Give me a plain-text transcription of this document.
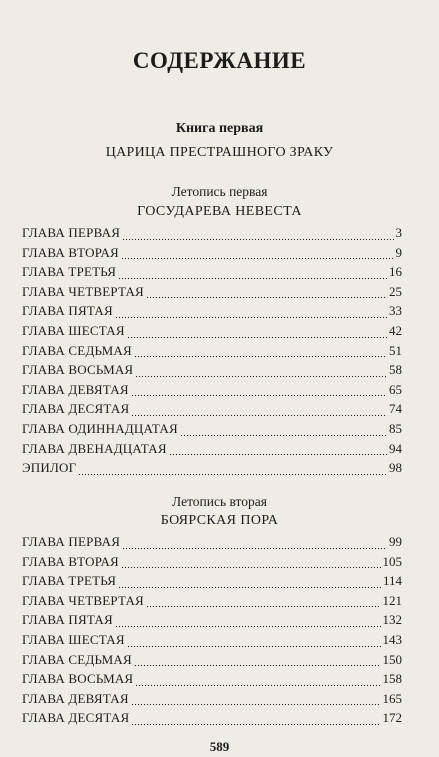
СОДЕРЖАНИЕ
Книга первая
ЦАРИЦА ПРЕСТРАШНОГО ЗРАКУ
Летопись первая
ГОСУДАРЕВА НЕВЕСТА
ГЛАВА ПЕРВАЯ	3
ГЛАВА ВТОРАЯ	9
ГЛАВА ТРЕТЬЯ	16
ГЛАВА ЧЕТВЕРТАЯ	25
ГЛАВА ПЯТАЯ	33
ГЛАВА ШЕСТАЯ	42
ГЛАВА СЕДЬМАЯ	51
ГЛАВА ВОСЬМАЯ	58
ГЛАВА ДЕВЯТАЯ	65
ГЛАВА ДЕСЯТАЯ	74
ГЛАВА ОДИННАДЦАТАЯ	85
ГЛАВА ДВЕНАДЦАТАЯ	94
ЭПИЛОГ	98
Летопись вторая
БОЯРСКАЯ ПОРА
ГЛАВА ПЕРВАЯ	99
ГЛАВА ВТОРАЯ	105
ГЛАВА ТРЕТЬЯ	114
ГЛАВА ЧЕТВЕРТАЯ	121
ГЛАВА ПЯТАЯ	132
ГЛАВА ШЕСТАЯ	143
ГЛАВА СЕДЬМАЯ	150
ГЛАВА ВОСЬМАЯ	158
ГЛАВА ДЕВЯТАЯ	165
ГЛАВА ДЕСЯТАЯ	172
589
